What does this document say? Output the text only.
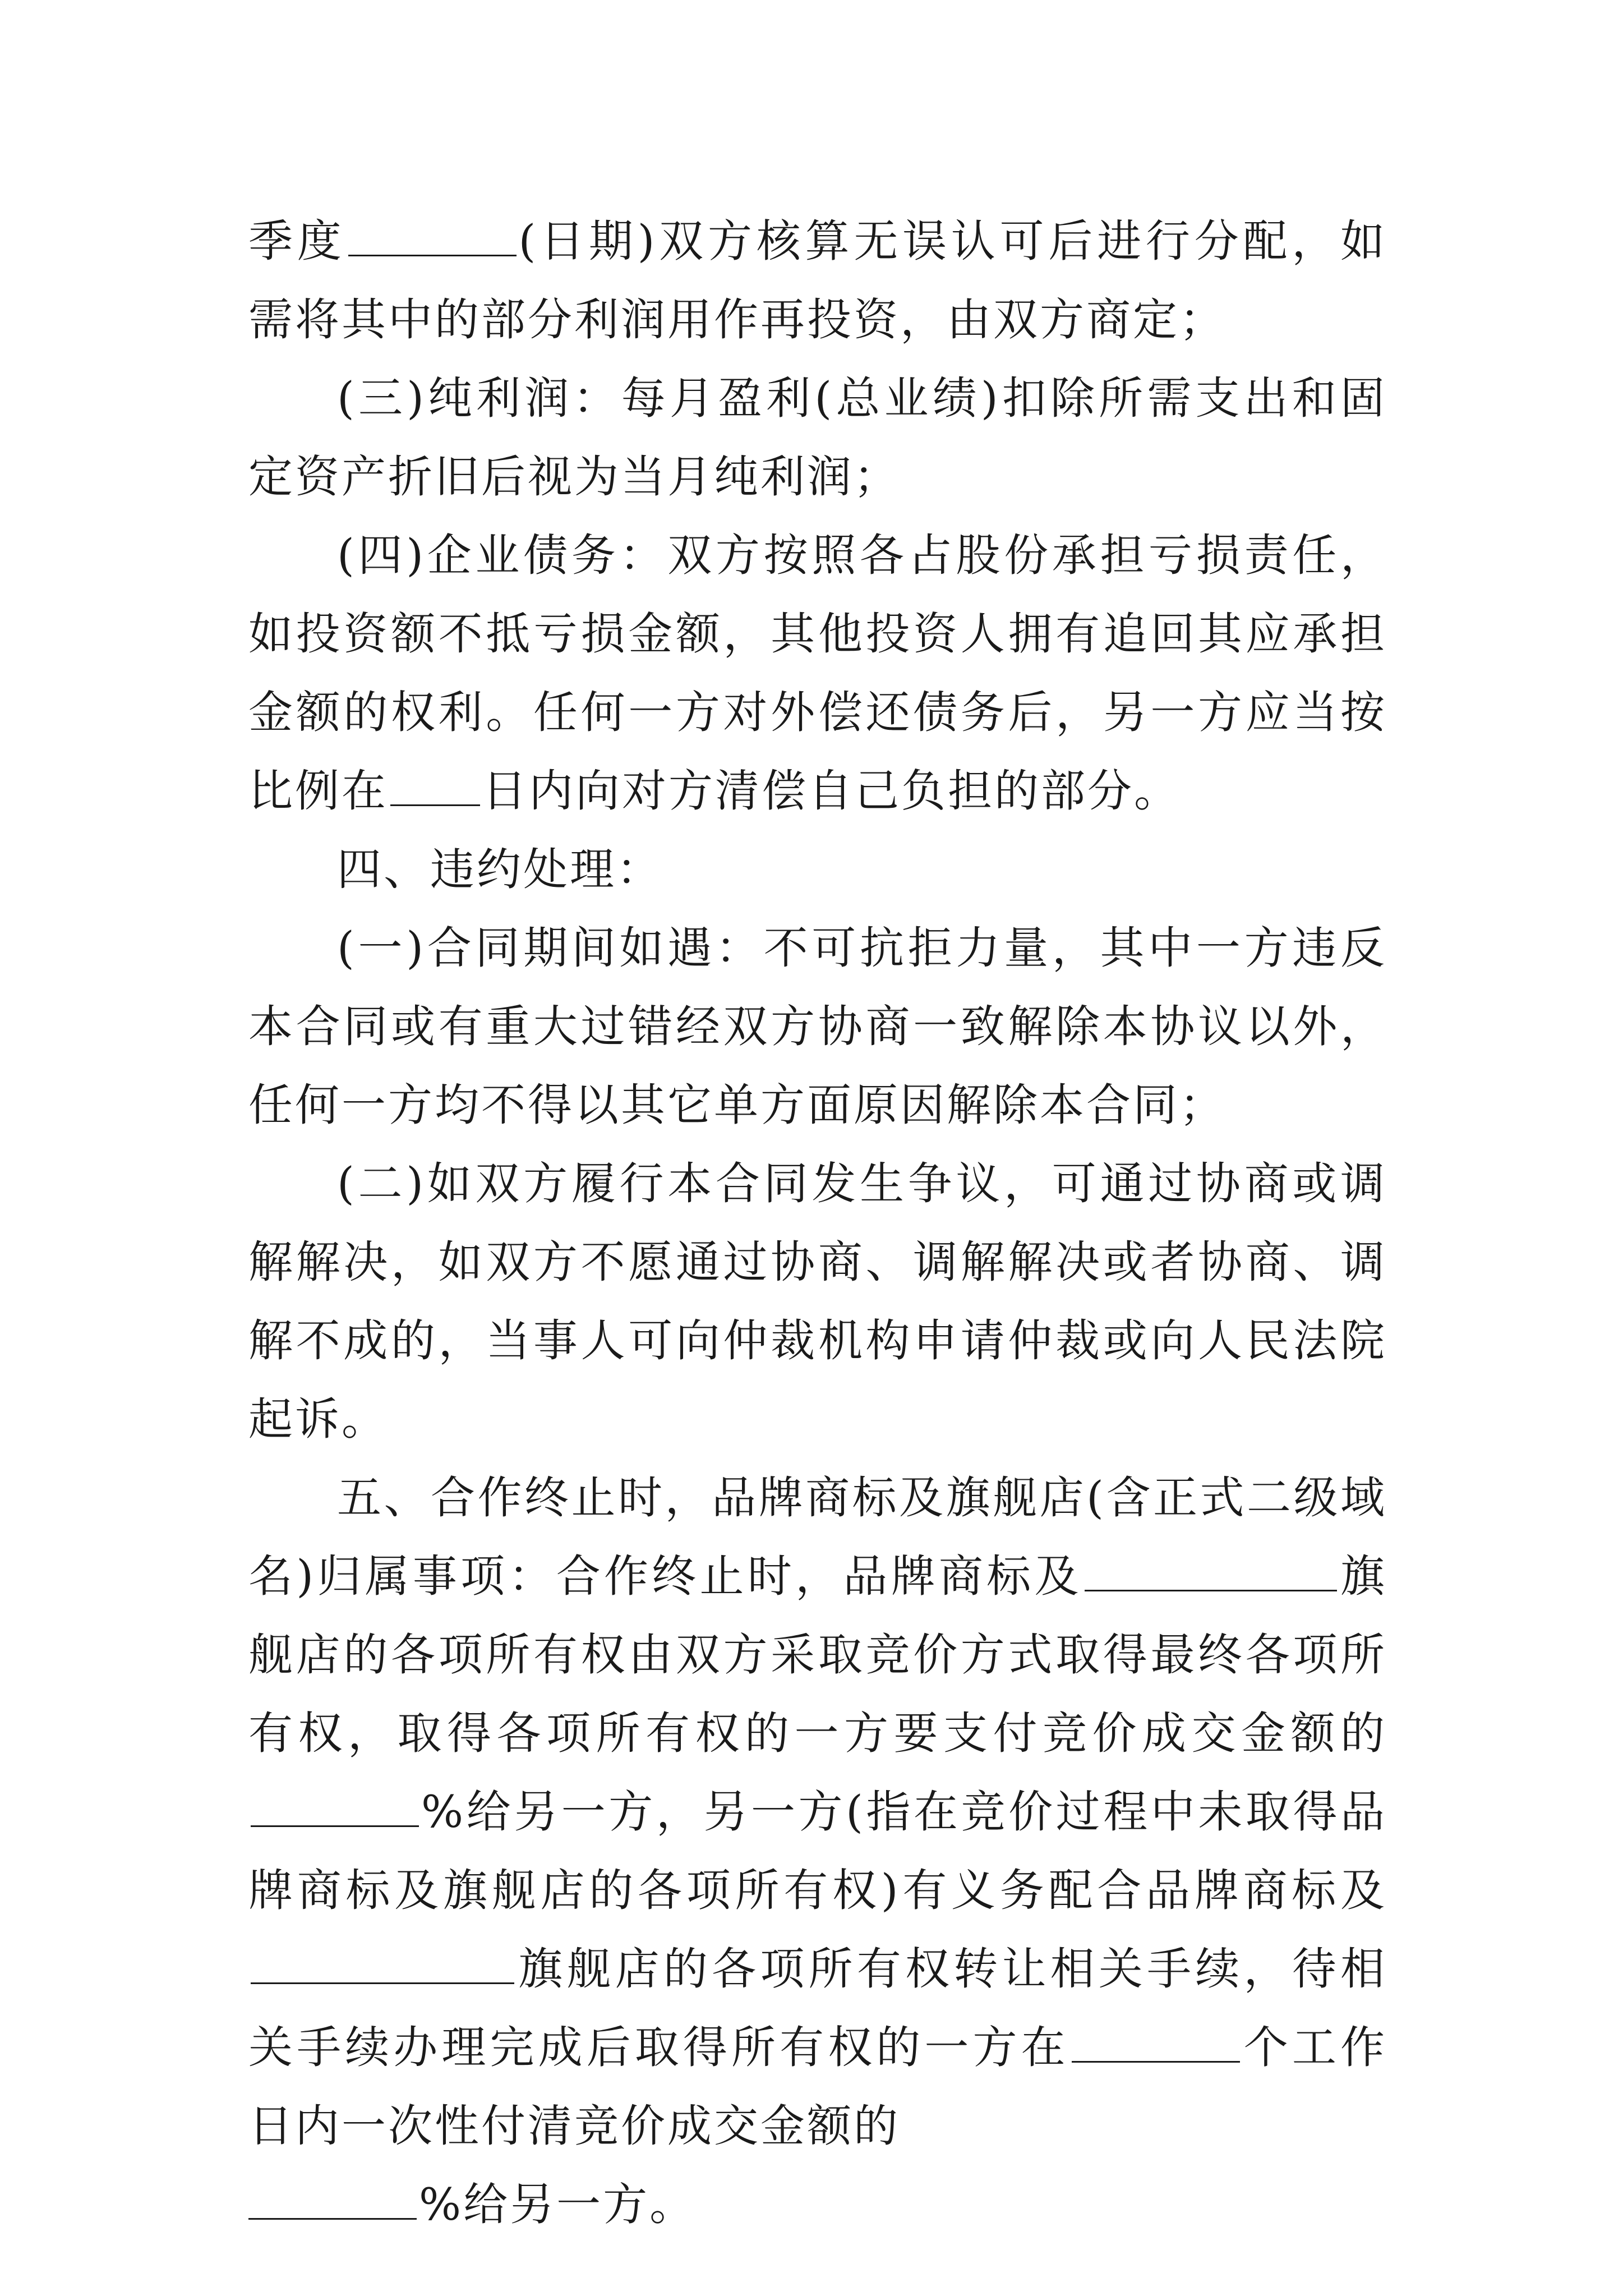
季度	(日期)双方核算无误认可后进行分配，如需将其中的部分利润用作再投资，由双方商定；

(三)纯利润：每月盈利(总业绩)扣除所需支出和固定资产折旧后视为当月纯利润；

(四)企业债务：双方按照各占股份承担亏损责任，如投资额不抵亏损金额，其他投资人拥有追回其应承担金额的权利。任何一方对外偿还债务后，另一方应当按比例在 日内向对方清偿自己负担的部分。

四、违约处理：

(一)合同期间如遇：不可抗拒力量，其中一方违反本合同或有重大过错经双方协商一致解除本协议以外，任何一方均不得以其它单方面原因解除本合同；

(二)如双方履行本合同发生争议，可通过协商或调解解决，如双方不愿通过协商、调解解决或者协商、调解不成的，当事人可向仲裁机构申请仲裁或向人民法院起诉。

五、合作终止时，品牌商标及旗舰店(含正式二级域名)归属事项：合作终止时，品牌商标及	旗舰店的各项所有权由双方采取竞价方式取得最终各项所有权，取得各项所有权的一方要支付竞价成交金额的%给另一方，另一方(指在竞价过程中未取得品牌商标及旗舰店的各项所有权)有义务配合品牌商标及旗舰店的各项所有权转让相关手续，待相关手续办理完成后取得所有权的一方在	个工作日内一次性付清竞价成交金额的
%给另一方。
